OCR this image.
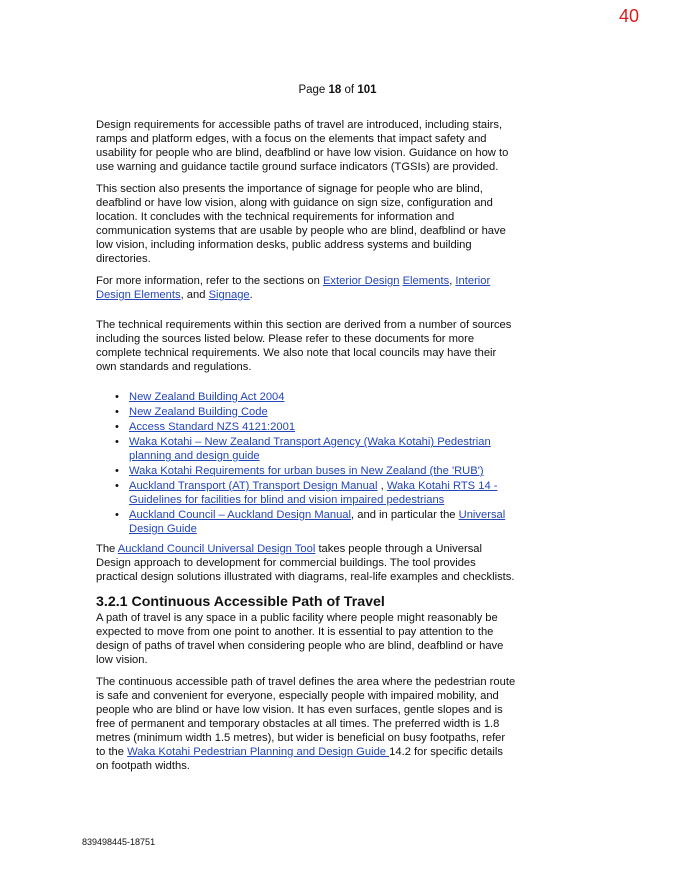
40
Page 18 of 101

Design requirements for accessible paths of travel are introduced, including stairs, ramps and platform edges, with a focus on the elements that impact safety and usability for people who are blind, deafblind or have low vision. Guidance on how to use warning and guidance tactile ground surface indicators (TGSIs) are provided.

This section also presents the importance of signage for people who are blind, deafblind or have low vision, along with guidance on sign size, configuration and location. It concludes with the technical requirements for information and communication systems that are usable by people who are blind, deafblind or have low vision, including information desks, public address systems and building directories.

For more information, refer to the sections on Exterior Design Elements, Interior Design Elements, and Signage.

The technical requirements within this section are derived from a number of sources including the sources listed below. Please refer to these documents for more complete technical requirements. We also note that local councils may have their own standards and regulations.

• New Zealand Building Act 2004
• New Zealand Building Code
• Access Standard NZS 4121:2001
• Waka Kotahi – New Zealand Transport Agency (Waka Kotahi) Pedestrian planning and design guide
• Waka Kotahi Requirements for urban buses in New Zealand (the 'RUB')
• Auckland Transport (AT) Transport Design Manual , Waka Kotahi RTS 14 - Guidelines for facilities for blind and vision impaired pedestrians
• Auckland Council – Auckland Design Manual, and in particular the Universal Design Guide

The Auckland Council Universal Design Tool takes people through a Universal Design approach to development for commercial buildings. The tool provides practical design solutions illustrated with diagrams, real-life examples and checklists.

3.2.1 Continuous Accessible Path of Travel

A path of travel is any space in a public facility where people might reasonably be expected to move from one point to another. It is essential to pay attention to the design of paths of travel when considering people who are blind, deafblind or have low vision.

The continuous accessible path of travel defines the area where the pedestrian route is safe and convenient for everyone, especially people with impaired mobility, and people who are blind or have low vision. It has even surfaces, gentle slopes and is free of permanent and temporary obstacles at all times. The preferred width is 1.8 metres (minimum width 1.5 metres), but wider is beneficial on busy footpaths, refer to the Waka Kotahi Pedestrian Planning and Design Guide 14.2 for specific details on footpath widths.

839498445-18751
